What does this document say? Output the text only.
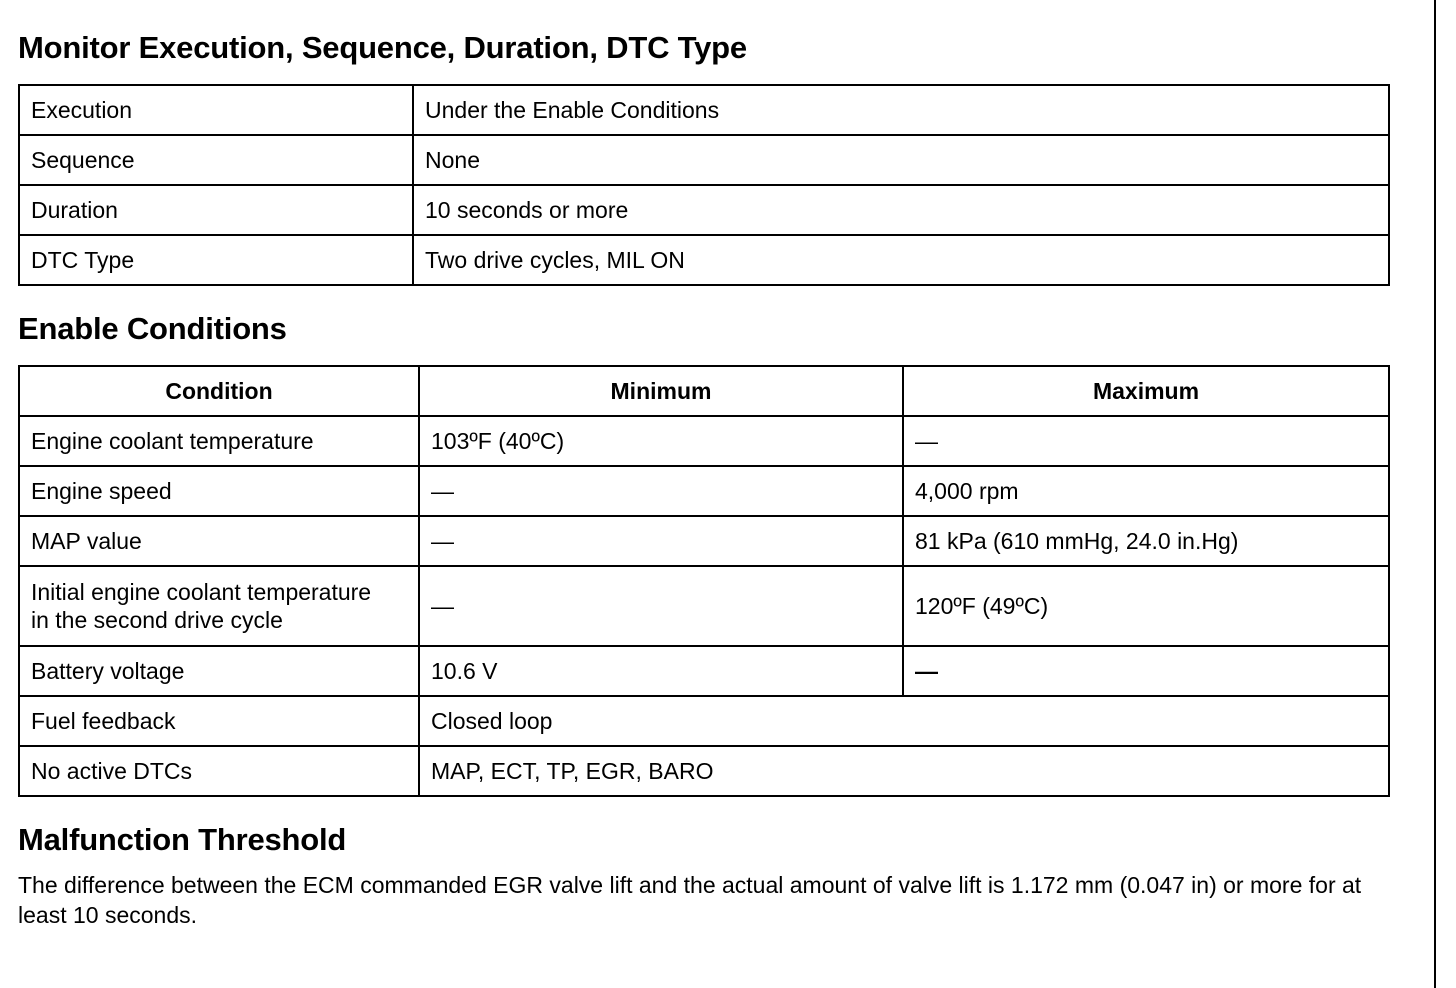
Monitor Execution, Sequence, Duration, DTC Type
Execution	Under the Enable Conditions
Sequence	None
Duration	10 seconds or more
DTC Type	Two drive cycles, MIL ON
Enable Conditions
Condition	Minimum	Maximum
Engine coolant temperature	103ºF (40ºC)	—
Engine speed	—	4,000 rpm
MAP value	—	81 kPa (610 mmHg, 24.0 in.Hg)

Initial engine coolant temperature
in the second drive cycle	—	120ºF (49ºC)
Battery voltage	10.6 V	—
Fuel feedback	Closed loop	
No active DTCs	MAP, ECT, TP, EGR, BARO	
Malfunction Threshold

The difference between the ECM commanded EGR valve lift and the actual amount of valve lift is 1.172 mm (0.047 in) or more for at least 10 seconds.
